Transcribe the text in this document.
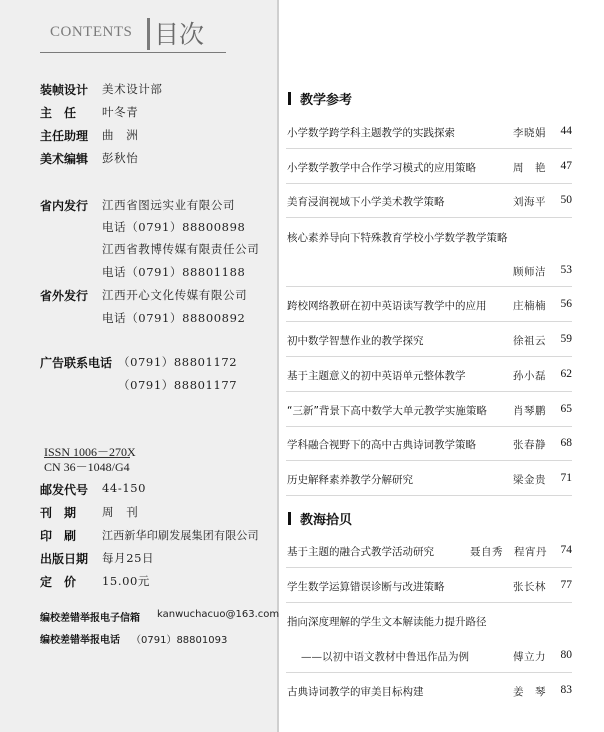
CONTENTS 目次
装帧设计 美术设计部
主　任 叶冬青
主任助理 曲　洲
美术编辑 彭秋怡
省内发行 江西省图远实业有限公司
电话（0791）88800898
江西省教博传媒有限责任公司
电话（0791）88801188
省外发行 江西开心文化传媒有限公司
电话（0791）88800892
广告联系电话 （0791）88801172
（0791）88801177
ISSN 1006－270X
CN 36－1048/G4
邮发代号 44-150
刊　期 周　刊
印　刷 江西新华印刷发展集团有限公司
出版日期 每月25日
定　价 15.00元
编校差错举报电子信箱 kanwuchacuo@163.com
编校差错举报电话 （0791）88801093
教学参考
小学数学跨学科主题教学的实践探索	李晓娟 44
小学数学教学中合作学习模式的应用策略	周　艳 47
美育浸润视域下小学美术教学策略	刘海平 50
核心素养导向下特殊教育学校小学数学教学策略
顾师洁 53
跨校网络教研在初中英语读写教学中的应用	庄楠楠 56
初中数学智慧作业的教学探究	徐祖云 59
基于主题意义的初中英语单元整体教学	孙小磊 62
“三新”背景下高中数学大单元教学实施策略 肖琴鹏 65
学科融合视野下的高中古典诗词教学策略	张春静 68
历史解释素养教学分解研究	梁金贵 71
教海拾贝
基于主题的融合式教学活动研究	聂自秀　程宵丹 74
学生数学运算错误诊断与改进策略	张长林 77
指向深度理解的学生文本解读能力提升路径
——以初中语文教材中鲁迅作品为例	傅立力 80
古典诗词教学的审美目标构建	姜　琴 83
